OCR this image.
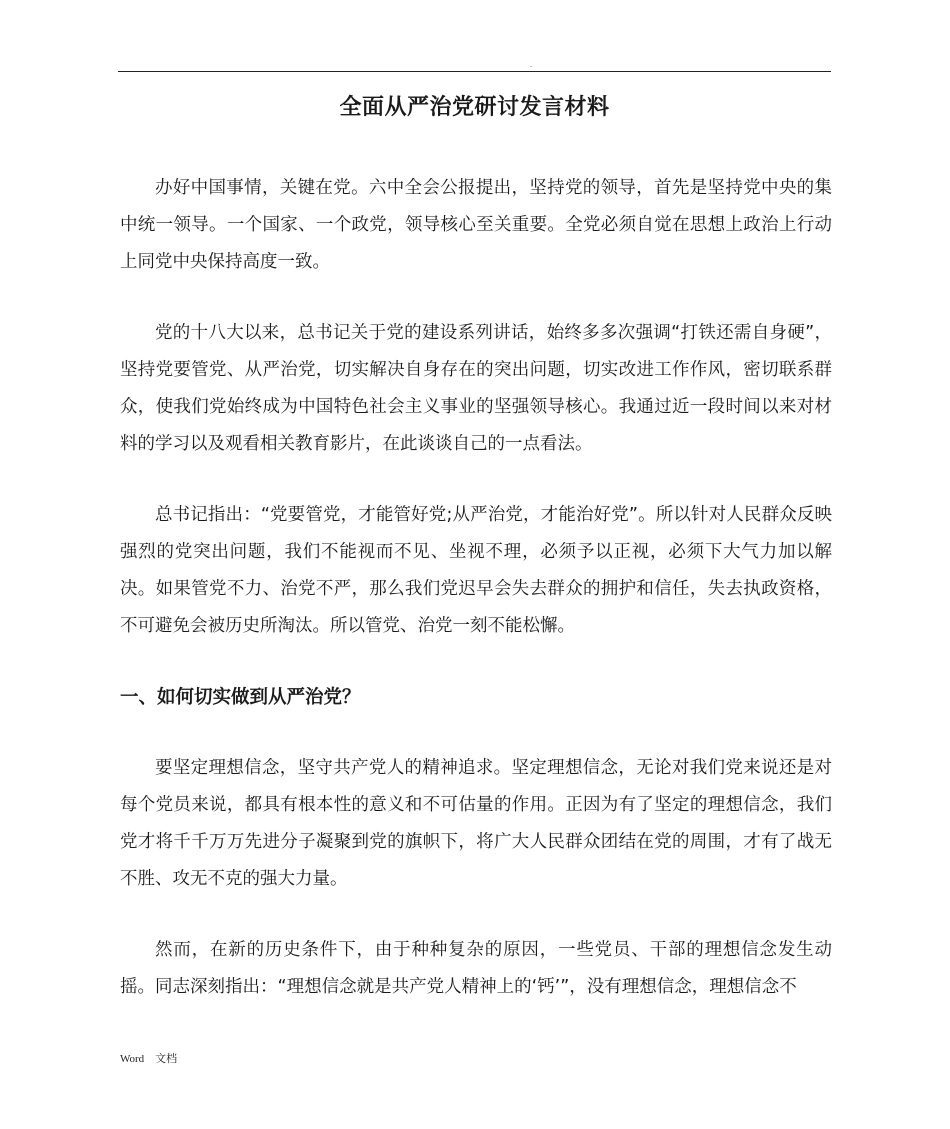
.
全面从严治党研讨发言材料

办好中国事情，关键在党。六中全会公报提出，坚持党的领导，首先是坚持党中央的集中统一领导。一个国家、一个政党，领导核心至关重要。全党必须自觉在思想上政治上行动上同党中央保持高度一致。

党的十八大以来，总书记关于党的建设系列讲话，始终多多次强调“打铁还需自身硬”，坚持党要管党、从严治党，切实解决自身存在的突出问题，切实改进工作作风，密切联系群众，使我们党始终成为中国特色社会主义事业的坚强领导核心。我通过近一段时间以来对材料的学习以及观看相关教育影片，在此谈谈自己的一点看法。

总书记指出：“党要管党，才能管好党;从严治党，才能治好党”。所以针对人民群众反映强烈的党突出问题，我们不能视而不见、坐视不理，必须予以正视，必须下大气力加以解决。如果管党不力、治党不严，那么我们党迟早会失去群众的拥护和信任，失去执政资格，不可避免会被历史所淘汰。所以管党、治党一刻不能松懈。

一、如何切实做到从严治党？

要坚定理想信念，坚守共产党人的精神追求。坚定理想信念，无论对我们党来说还是对每个党员来说，都具有根本性的意义和不可估量的作用。正因为有了坚定的理想信念，我们党才将千千万万先进分子凝聚到党的旗帜下，将广大人民群众团结在党的周围，才有了战无不胜、攻无不克的强大力量。

然而，在新的历史条件下，由于种种复杂的原因，一些党员、干部的理想信念发生动摇。同志深刻指出：“理想信念就是共产党人精神上的‘钙’”，没有理想信念，理想信念不

Word    文档
